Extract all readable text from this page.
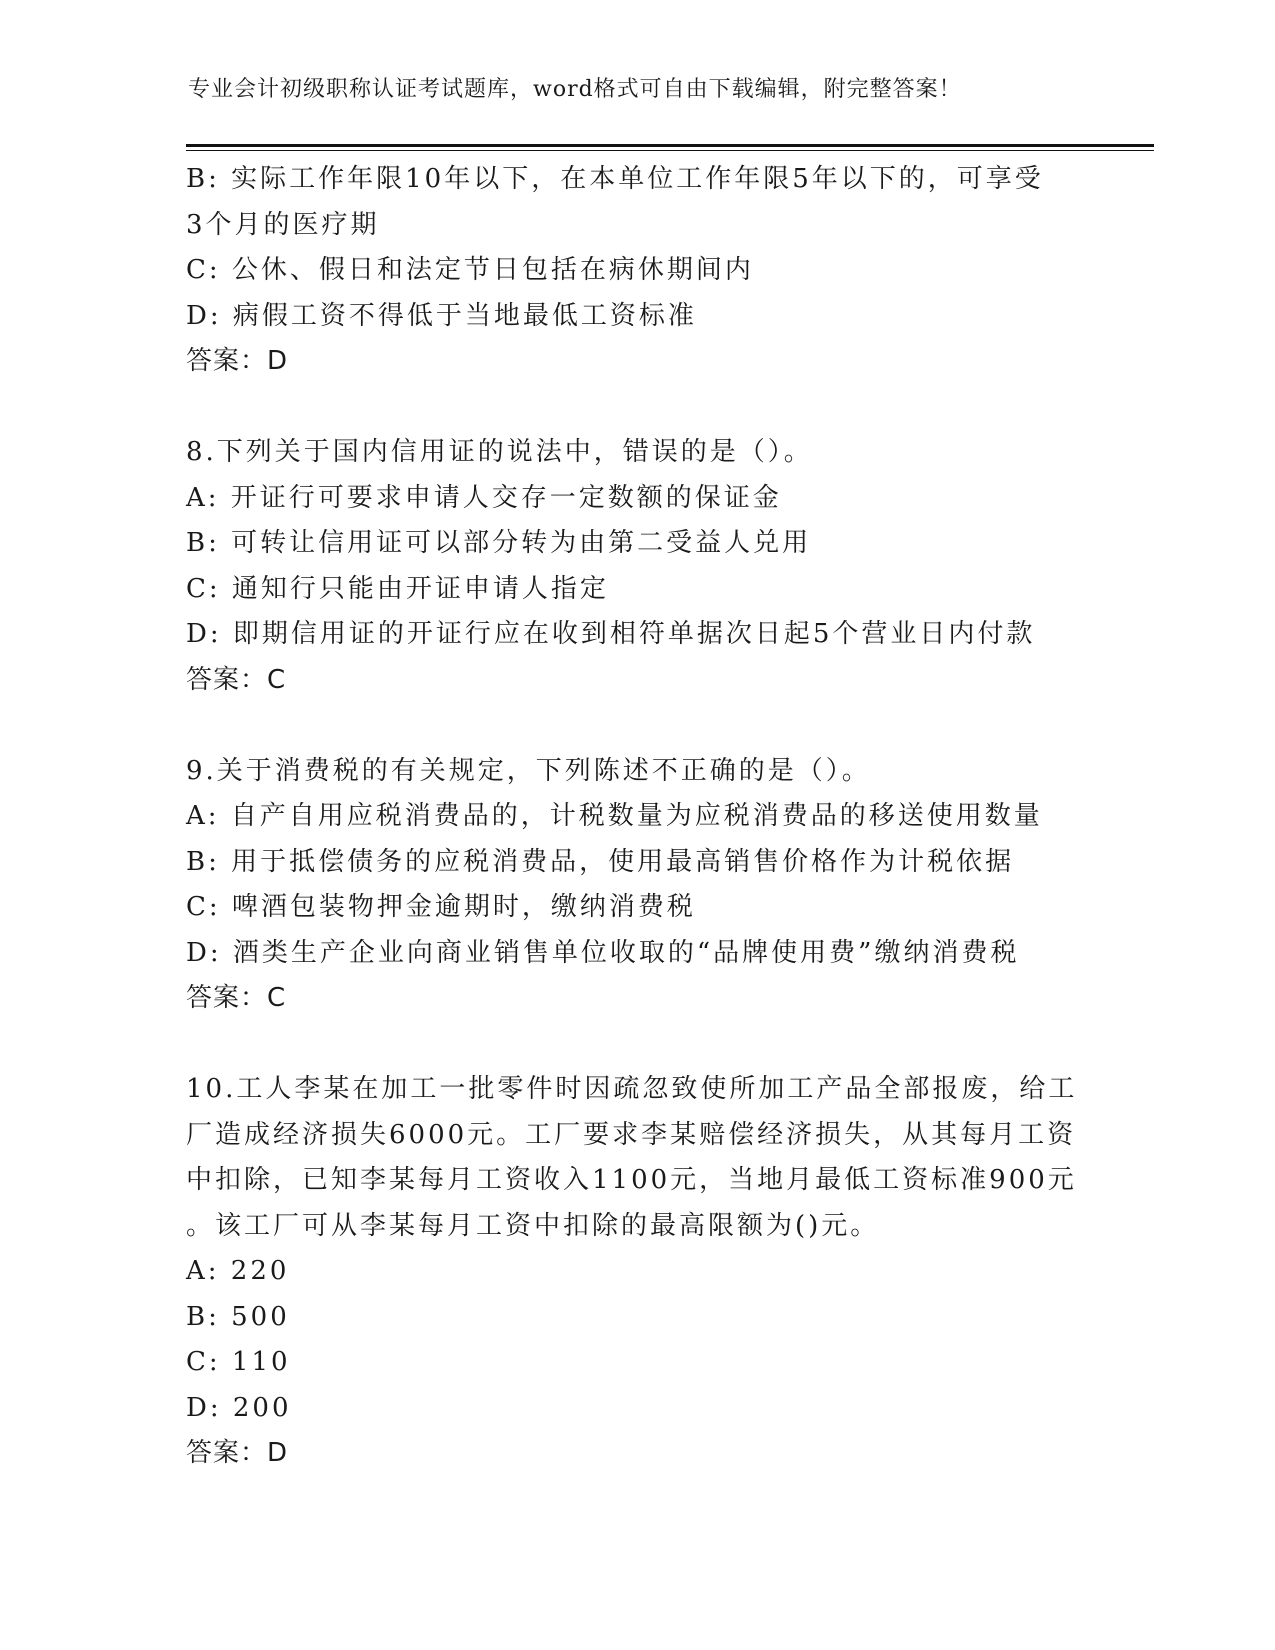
专业会计初级职称认证考试题库，word格式可自由下载编辑，附完整答案！
B: 实际工作年限10年以下，在本单位工作年限5年以下的，可享受
3个月的医疗期
C: 公休、假日和法定节日包括在病休期间内
D: 病假工资不得低于当地最低工资标准
答案：D
8.下列关于国内信用证的说法中，错误的是（）。
A: 开证行可要求申请人交存一定数额的保证金
B: 可转让信用证可以部分转为由第二受益人兑用
C: 通知行只能由开证申请人指定
D: 即期信用证的开证行应在收到相符单据次日起5个营业日内付款
答案：C
9.关于消费税的有关规定，下列陈述不正确的是（）。
A: 自产自用应税消费品的，计税数量为应税消费品的移送使用数量
B: 用于抵偿债务的应税消费品，使用最高销售价格作为计税依据
C: 啤酒包装物押金逾期时，缴纳消费税
D: 酒类生产企业向商业销售单位收取的“品牌使用费”缴纳消费税
答案：C
10.工人李某在加工一批零件时因疏忽致使所加工产品全部报废，给工
厂造成经济损失6000元。工厂要求李某赔偿经济损失，从其每月工资
中扣除，已知李某每月工资收入1100元，当地月最低工资标准900元
。该工厂可从李某每月工资中扣除的最高限额为()元。
A: 220
B: 500
C: 110
D: 200
答案：D
